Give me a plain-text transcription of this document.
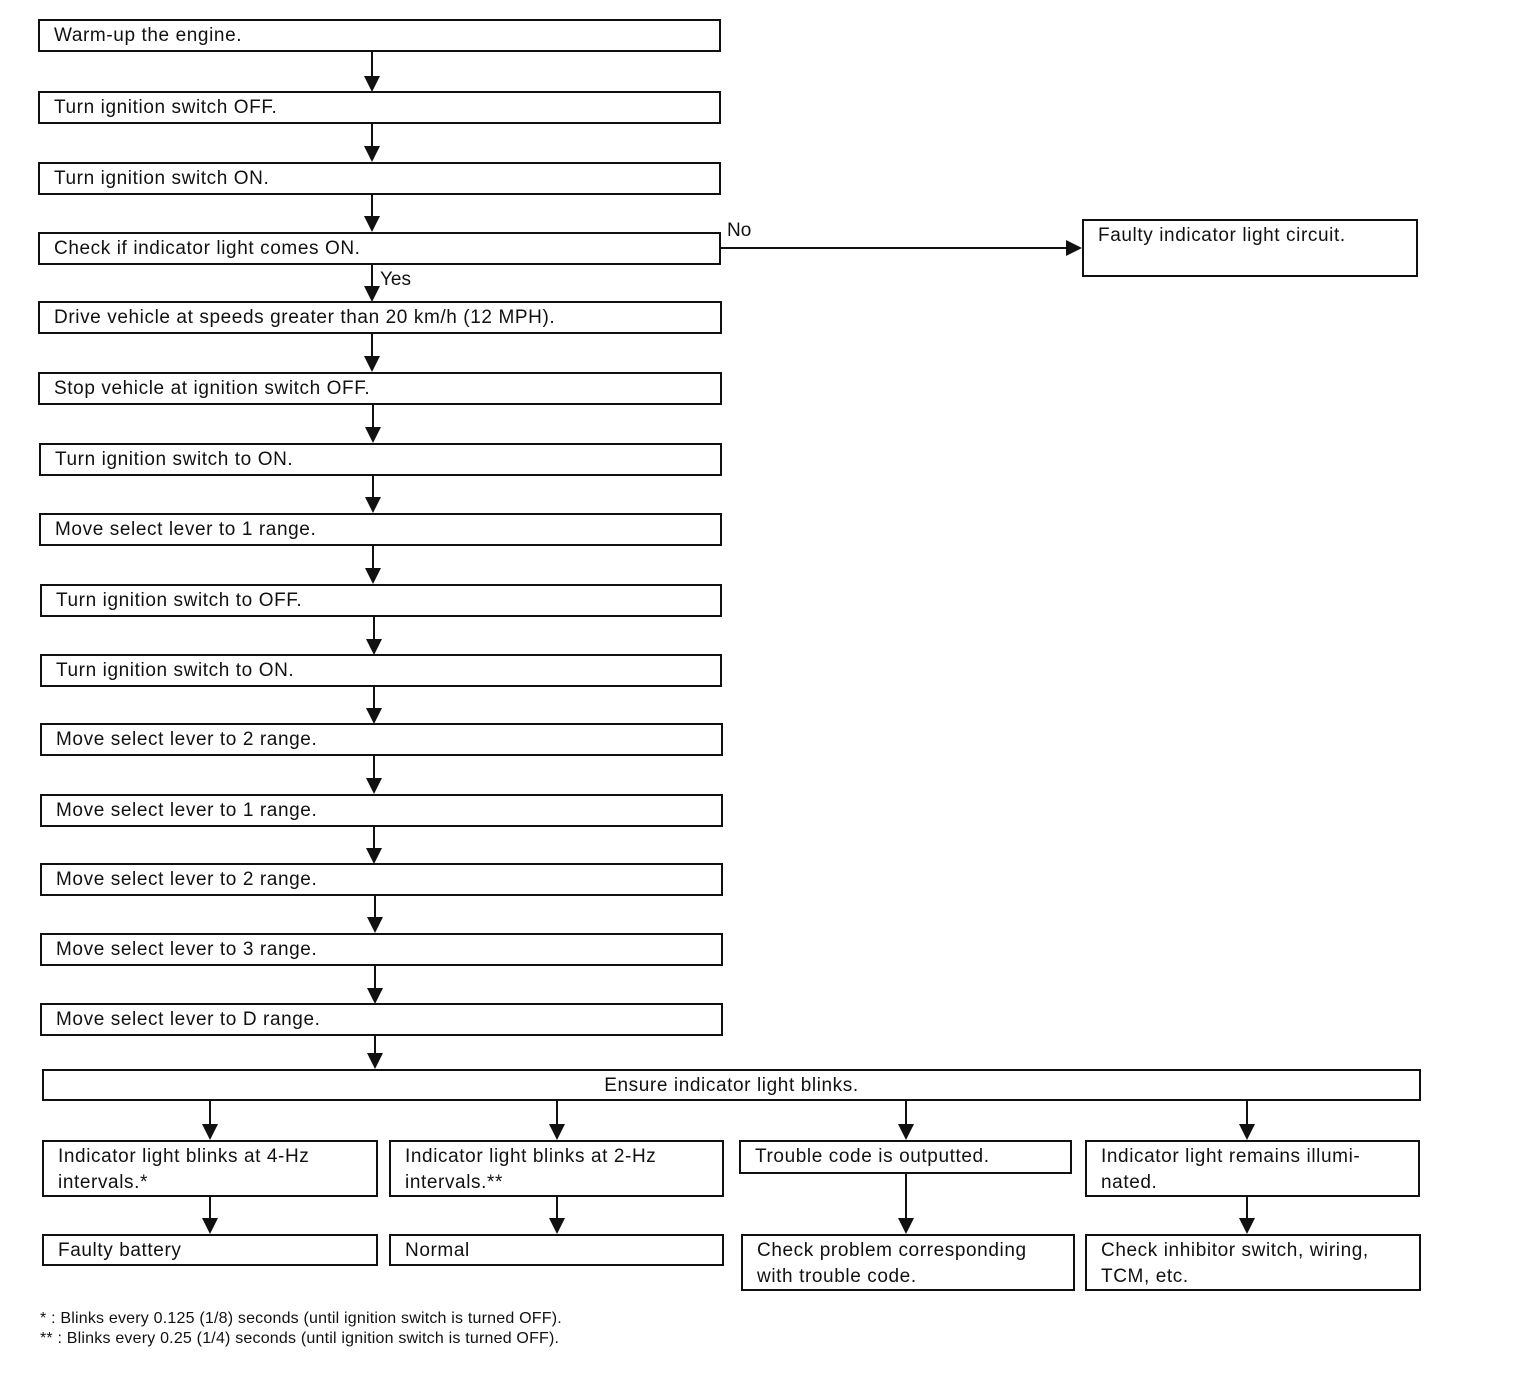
Warm-up the engine.
Turn ignition switch OFF.
Turn ignition switch ON.
Check if indicator light comes ON.
Drive vehicle at speeds greater than 20 km/h (12 MPH).
Stop vehicle at ignition switch OFF.
Turn ignition switch to ON.
Move select lever to 1 range.
Turn ignition switch to OFF.
Turn ignition switch to ON.
Move select lever to 2 range.
Move select lever to 1 range.
Move select lever to 2 range.
Move select lever to 3 range.
Move select lever to D range.
No
Yes
Faulty indicator light circuit.
Ensure indicator light blinks.
Indicator light blinks at 4-Hz intervals.*
Indicator light blinks at 2-Hz intervals.**
Trouble code is outputted.	Indicator light remains illumi- nated.
Faulty battery	Normal	Check problem corresponding with trouble code.
Check inhibitor switch, wiring, TCM, etc.
* : Blinks every 0.125 (1/8) seconds (until ignition switch is turned OFF).
** : Blinks every 0.25 (1/4) seconds (until ignition switch is turned OFF).
